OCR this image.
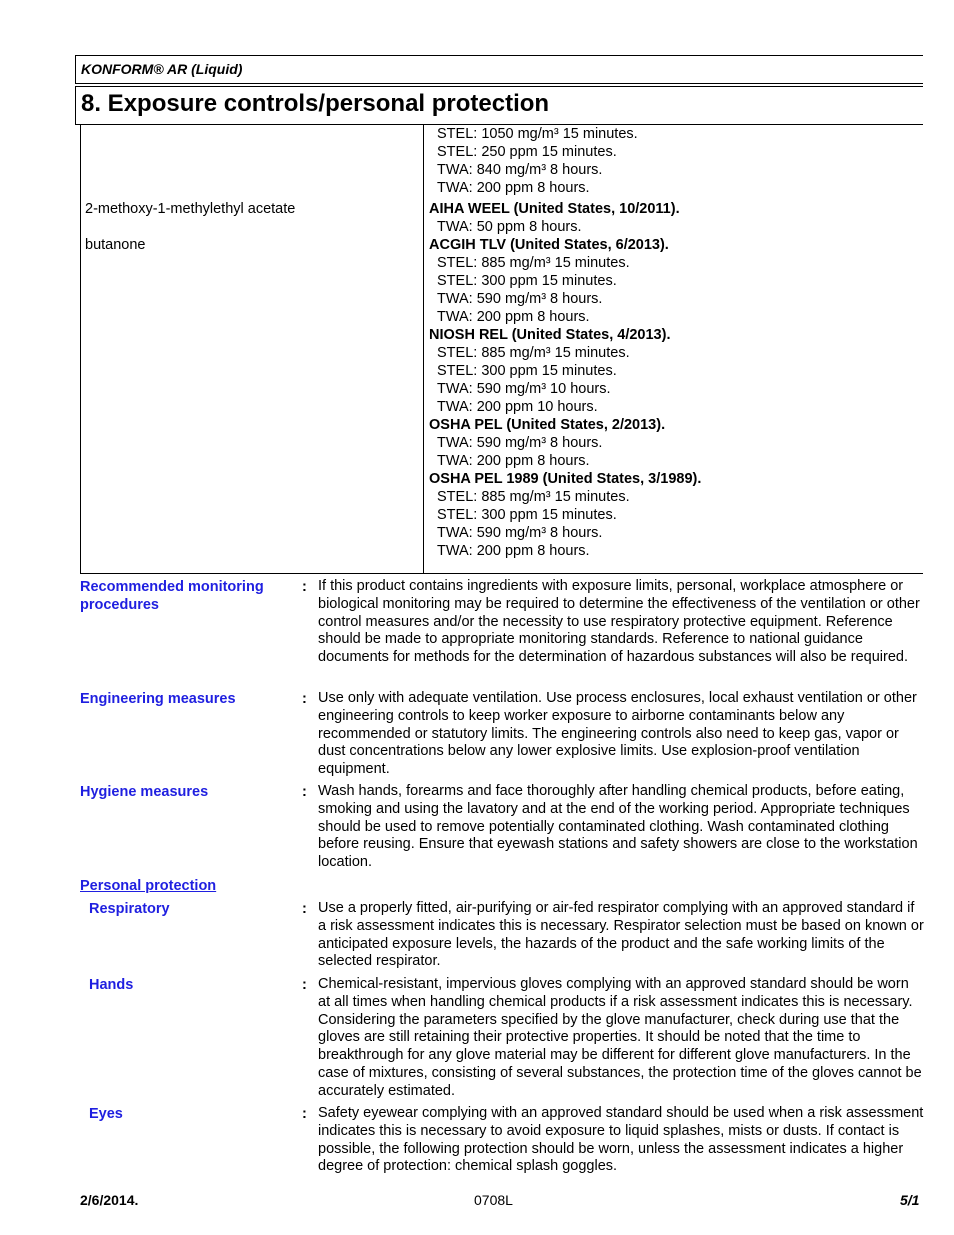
KONFORM® AR (Liquid)
8. Exposure controls/personal protection
STEL: 1050 mg/m³ 15 minutes.
STEL: 250 ppm 15 minutes.
TWA: 840 mg/m³ 8 hours.
TWA: 200 ppm 8 hours.
2-methoxy-1-methylethyl acetate	AIHA WEEL (United States, 10/2011).
TWA: 50 ppm 8 hours.
butanone	ACGIH TLV (United States, 6/2013).
STEL: 885 mg/m³ 15 minutes.
STEL: 300 ppm 15 minutes.
TWA: 590 mg/m³ 8 hours.
TWA: 200 ppm 8 hours.
NIOSH REL (United States, 4/2013).
STEL: 885 mg/m³ 15 minutes.
STEL: 300 ppm 15 minutes.
TWA: 590 mg/m³ 10 hours.
TWA: 200 ppm 10 hours.
OSHA PEL (United States, 2/2013).
TWA: 590 mg/m³ 8 hours.
TWA: 200 ppm 8 hours.
OSHA PEL 1989 (United States, 3/1989).
STEL: 885 mg/m³ 15 minutes.
STEL: 300 ppm 15 minutes.
TWA: 590 mg/m³ 8 hours.
TWA: 200 ppm 8 hours.
Recommended monitoring procedures
: If this product contains ingredients with exposure limits, personal, workplace atmosphere or biological monitoring may be required to determine the effectiveness of the ventilation or other control measures and/or the necessity to use respiratory protective equipment. Reference should be made to appropriate monitoring standards. Reference to national guidance documents for methods for the determination of hazardous substances will also be required.
Engineering measures	: Use only with adequate ventilation. Use process enclosures, local exhaust ventilation or other engineering controls to keep worker exposure to airborne contaminants below any recommended or statutory limits. The engineering controls also need to keep gas, vapor or dust concentrations below any lower explosive limits. Use explosion-proof ventilation equipment.
Hygiene measures	: Wash hands, forearms and face thoroughly after handling chemical products, before eating, smoking and using the lavatory and at the end of the working period. Appropriate techniques should be used to remove potentially contaminated clothing. Wash contaminated clothing before reusing. Ensure that eyewash stations and safety showers are close to the workstation location.
Personal protection
Respiratory	: Use a properly fitted, air-purifying or air-fed respirator complying with an approved standard if a risk assessment indicates this is necessary. Respirator selection must be based on known or anticipated exposure levels, the hazards of the product and the safe working limits of the selected respirator.
Hands	: Chemical-resistant, impervious gloves complying with an approved standard should be worn at all times when handling chemical products if a risk assessment indicates this is necessary. Considering the parameters specified by the glove manufacturer, check during use that the gloves are still retaining their protective properties. It should be noted that the time to breakthrough for any glove material may be different for different glove manufacturers. In the case of mixtures, consisting of several substances, the protection time of the gloves cannot be accurately estimated.
Eyes	: Safety eyewear complying with an approved standard should be used when a risk assessment indicates this is necessary to avoid exposure to liquid splashes, mists or dusts. If contact is possible, the following protection should be worn, unless the assessment indicates a higher degree of protection: chemical splash goggles.
2/6/2014.	0708L	5/1
